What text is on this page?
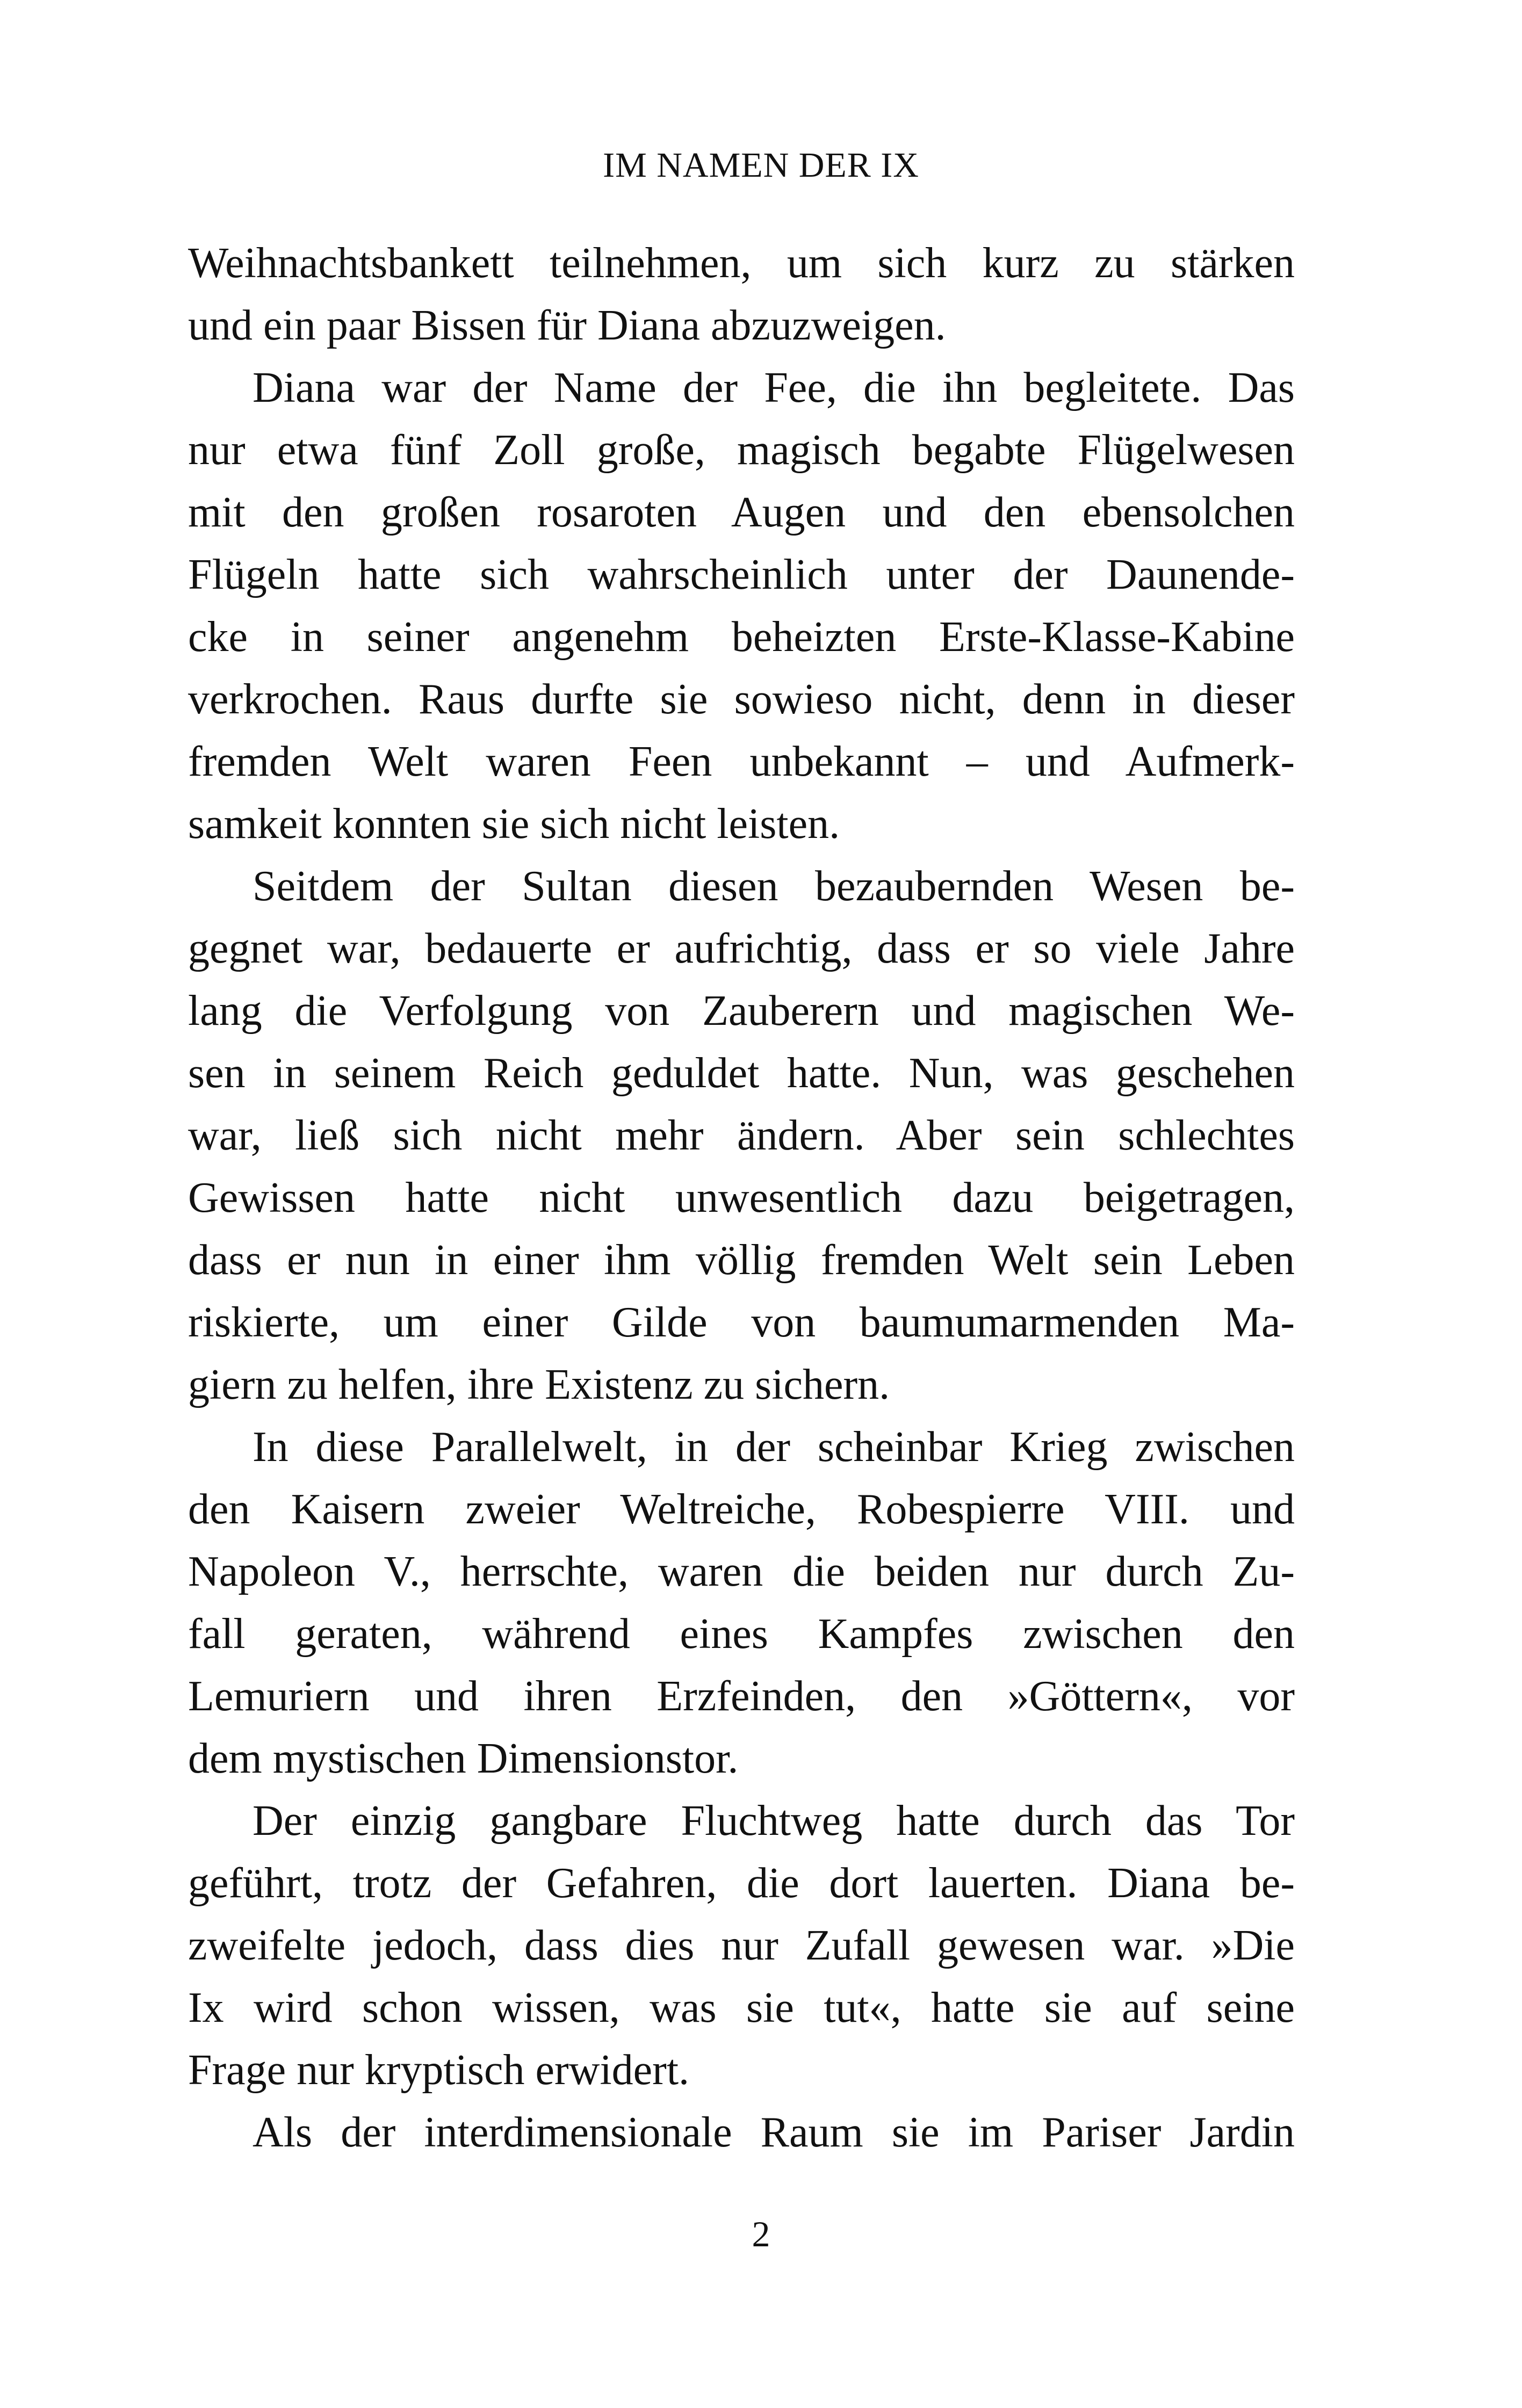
IM NAMEN DER IX
Weihnachtsbankett teilnehmen, um sich kurz zu stärken
und ein paar Bissen für Diana abzuzweigen.
Diana war der Name der Fee, die ihn begleitete. Das
nur etwa fünf Zoll große, magisch begabte Flügelwesen
mit den großen rosaroten Augen und den ebensolchen
Flügeln hatte sich wahrscheinlich unter der Daunende-
cke in seiner angenehm beheizten Erste-Klasse-Kabine
verkrochen. Raus durfte sie sowieso nicht, denn in dieser
fremden Welt waren Feen unbekannt – und Aufmerk-
samkeit konnten sie sich nicht leisten.
Seitdem der Sultan diesen bezaubernden Wesen be-
gegnet war, bedauerte er aufrichtig, dass er so viele Jahre
lang die Verfolgung von Zauberern und magischen We-
sen in seinem Reich geduldet hatte. Nun, was geschehen
war, ließ sich nicht mehr ändern. Aber sein schlechtes
Gewissen hatte nicht unwesentlich dazu beigetragen,
dass er nun in einer ihm völlig fremden Welt sein Leben
riskierte, um einer Gilde von baumumarmenden Ma-
giern zu helfen, ihre Existenz zu sichern.
In diese Parallelwelt, in der scheinbar Krieg zwischen
den Kaisern zweier Weltreiche, Robespierre VIII. und
Napoleon V., herrschte, waren die beiden nur durch Zu-
fall geraten, während eines Kampfes zwischen den
Lemuriern und ihren Erzfeinden, den »Göttern«, vor
dem mystischen Dimensionstor.
Der einzig gangbare Fluchtweg hatte durch das Tor
geführt, trotz der Gefahren, die dort lauerten. Diana be-
zweifelte jedoch, dass dies nur Zufall gewesen war. »Die
Ix wird schon wissen, was sie tut«, hatte sie auf seine
Frage nur kryptisch erwidert.
Als der interdimensionale Raum sie im Pariser Jardin
2
